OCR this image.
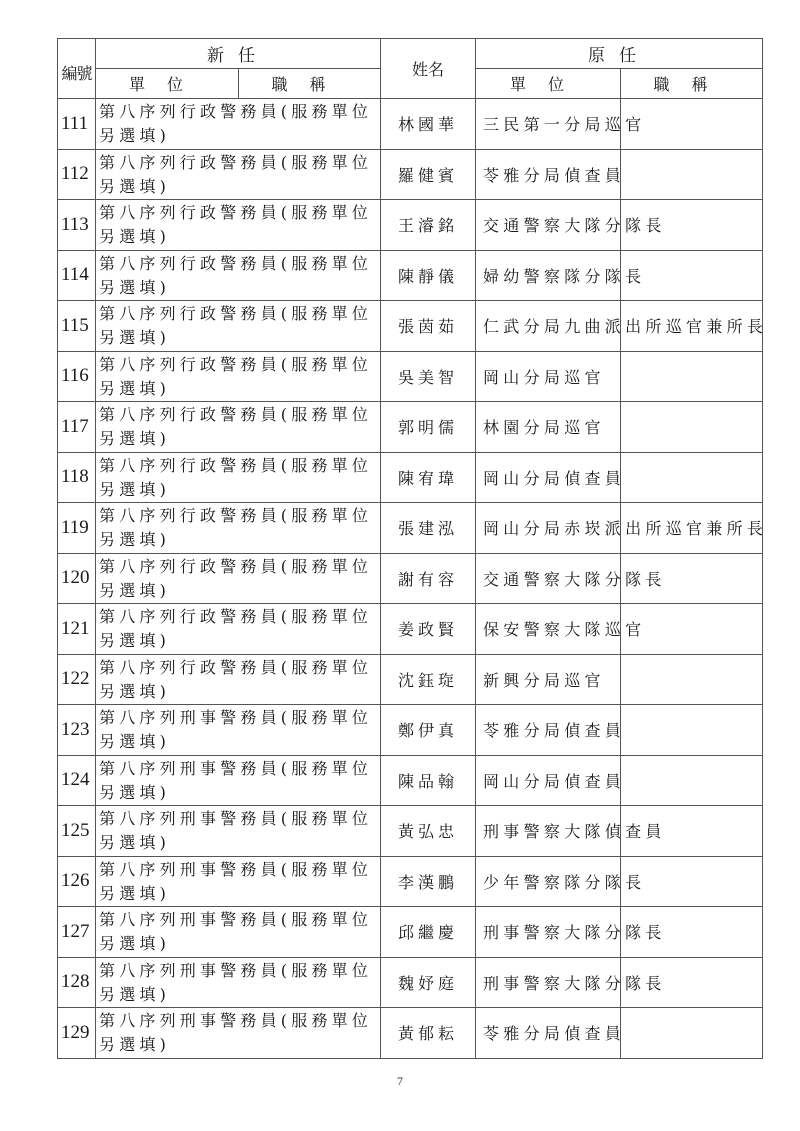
編號	新任		姓名	原任	
	單位	職稱		單位	職稱
111	第八序列行政警務員(服務單位另選填)		林國華	三民第一分局巡官	
112	第八序列行政警務員(服務單位另選填)		羅健賓	苓雅分局偵查員	
113	第八序列行政警務員(服務單位另選填)		王濬銘	交通警察大隊分隊長	
114	第八序列行政警務員(服務單位另選填)		陳靜儀	婦幼警察隊分隊長	
115	第八序列行政警務員(服務單位另選填)		張茵茹	仁武分局九曲派出所巡官兼所長	
116	第八序列行政警務員(服務單位另選填)		吳美智	岡山分局巡官	
117	第八序列行政警務員(服務單位另選填)		郭明儒	林園分局巡官	
118	第八序列行政警務員(服務單位另選填)		陳宥瑋	岡山分局偵查員	
119	第八序列行政警務員(服務單位另選填)		張建泓	岡山分局赤崁派出所巡官兼所長	
120	第八序列行政警務員(服務單位另選填)		謝有容	交通警察大隊分隊長	
121	第八序列行政警務員(服務單位另選填)		姜政賢	保安警察大隊巡官	
122	第八序列行政警務員(服務單位另選填)		沈鈺琁	新興分局巡官	
123	第八序列刑事警務員(服務單位另選填)		鄭伊真	苓雅分局偵查員	
124	第八序列刑事警務員(服務單位另選填)		陳品翰	岡山分局偵查員	
125	第八序列刑事警務員(服務單位另選填)		黃弘忠	刑事警察大隊偵查員	
126	第八序列刑事警務員(服務單位另選填)		李漢鵬	少年警察隊分隊長	
127	第八序列刑事警務員(服務單位另選填)		邱繼慶	刑事警察大隊分隊長	
128	第八序列刑事警務員(服務單位另選填)		魏妤庭	刑事警察大隊分隊長	
129	第八序列刑事警務員(服務單位另選填)		黃郁耘	苓雅分局偵查員	
7
